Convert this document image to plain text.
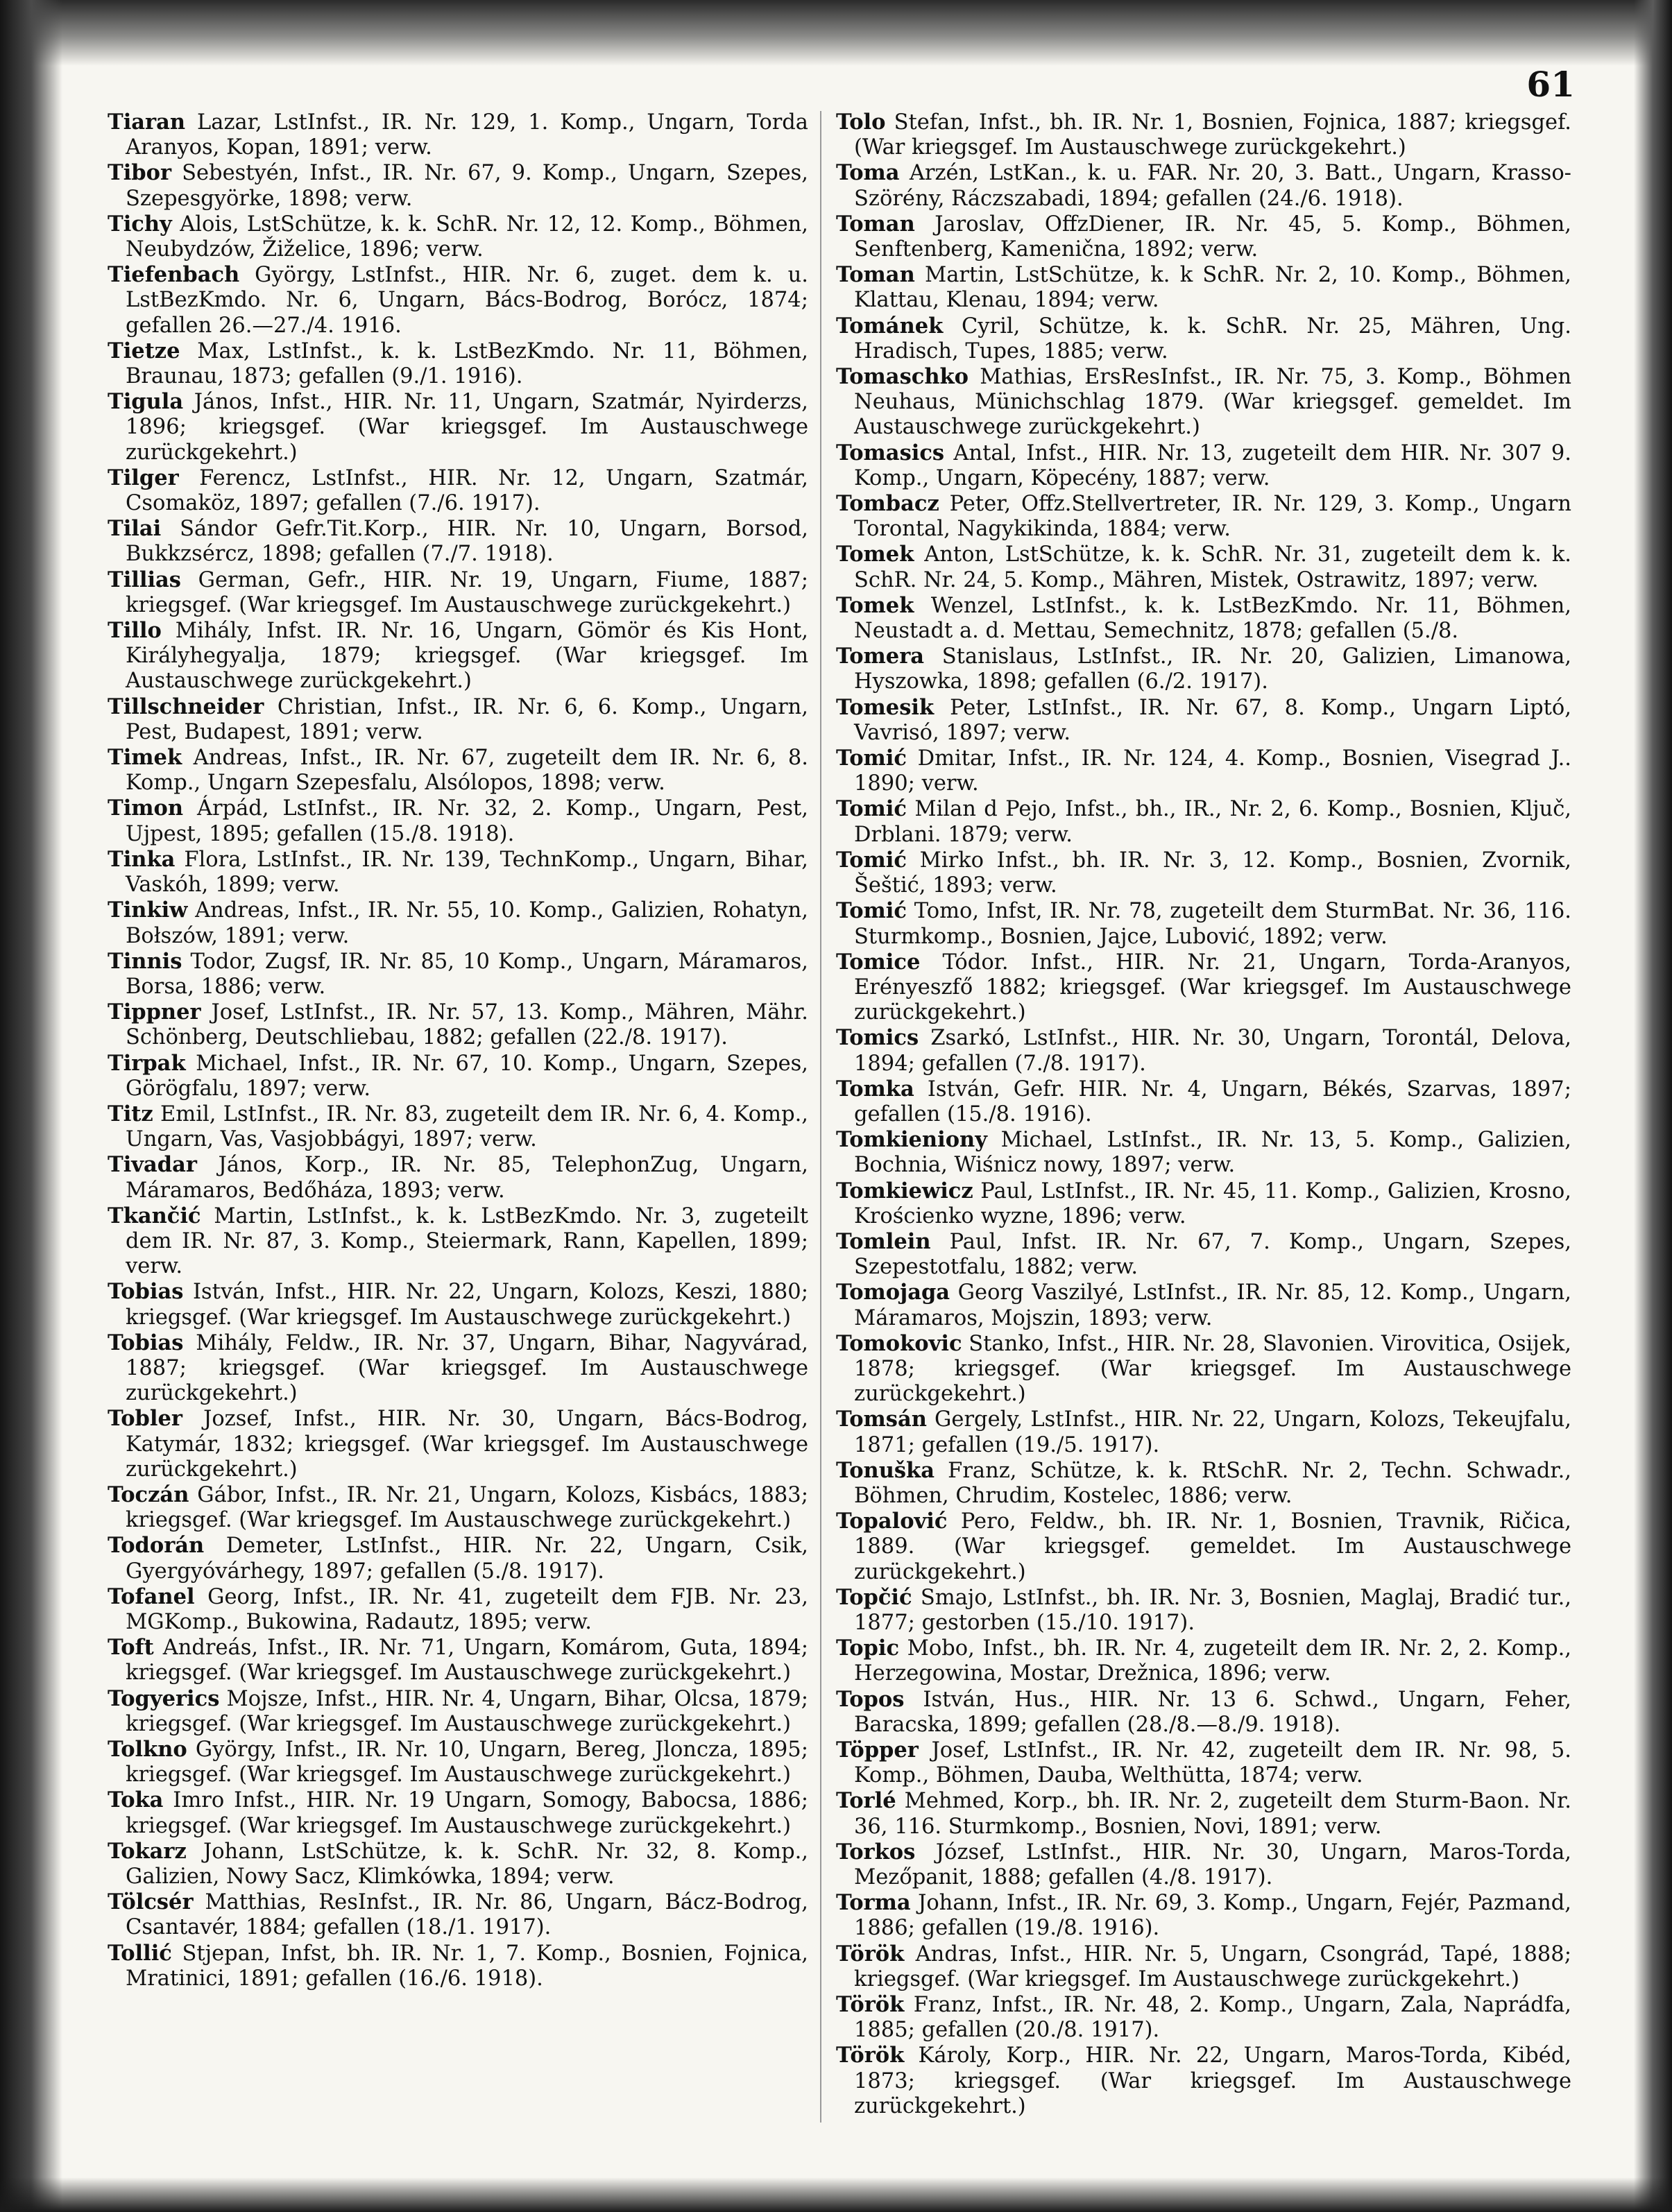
61

Tiaran Lazar, LstInfst., IR. Nr. 129, 1. Komp., Ungarn, Torda Aranyos, Kopan, 1891; verw.

Tibor Sebestyén, Infst., IR. Nr. 67, 9. Komp., Ungarn, Szepes, Szepesgyörke, 1898; verw.

Tichy Alois, LstSchütze, k. k. SchR. Nr. 12, 12. Komp., Böhmen, Neubydzów, Žiželice, 1896; verw.

Tiefenbach György, LstInfst., HIR. Nr. 6, zuget. dem k. u. LstBezKmdo. Nr. 6, Ungarn, Bács-Bodrog, Borócz, 1874; gefallen 26.—27./4. 1916.

Tietze Max, LstInfst., k. k. LstBezKmdo. Nr. 11, Böhmen, Braunau, 1873; gefallen (9./1. 1916).

Tigula János, Infst., HIR. Nr. 11, Ungarn, Szatmár, Nyirderzs, 1896; kriegsgef. (War kriegsgef. Im Austauschwege zurückgekehrt.)

Tilger Ferencz, LstInfst., HIR. Nr. 12, Ungarn, Szatmár, Csomaköz, 1897; gefallen (7./6. 1917).

Tilai Sándor Gefr.Tit.Korp., HIR. Nr. 10, Ungarn, Borsod, Bukkzsércz, 1898; gefallen (7./7. 1918).

Tillias German, Gefr., HIR. Nr. 19, Ungarn, Fiume, 1887; kriegsgef. (War kriegsgef. Im Austauschwege zurückgekehrt.)

Tillo Mihály, Infst. IR. Nr. 16, Ungarn, Gömör és Kis Hont, Királyhegyalja, 1879; kriegsgef. (War kriegsgef. Im Austauschwege zurückgekehrt.)

Tillschneider Christian, Infst., IR. Nr. 6, 6. Komp., Ungarn, Pest, Budapest, 1891; verw.

Timek Andreas, Infst., IR. Nr. 67, zugeteilt dem IR. Nr. 6, 8. Komp., Ungarn Szepesfalu, Alsólopos, 1898; verw.

Timon Árpád, LstInfst., IR. Nr. 32, 2. Komp., Ungarn, Pest, Ujpest, 1895; gefallen (15./8. 1918).

Tinka Flora, LstInfst., IR. Nr. 139, TechnKomp., Ungarn, Bihar, Vaskóh, 1899; verw.

Tinkiw Andreas, Infst., IR. Nr. 55, 10. Komp., Galizien, Rohatyn, Bołszów, 1891; verw.

Tinnis Todor, Zugsf, IR. Nr. 85, 10 Komp., Ungarn, Máramaros, Borsa, 1886; verw.

Tippner Josef, LstInfst., IR. Nr. 57, 13. Komp., Mähren, Mähr. Schönberg, Deutschliebau, 1882; gefallen (22./8. 1917).

Tirpak Michael, Infst., IR. Nr. 67, 10. Komp., Ungarn, Szepes, Görögfalu, 1897; verw.

Titz Emil, LstInfst., IR. Nr. 83, zugeteilt dem IR. Nr. 6, 4. Komp., Ungarn, Vas, Vasjobbágyi, 1897; verw.

Tivadar János, Korp., IR. Nr. 85, TelephonZug, Ungarn, Máramaros, Bedőháza, 1893; verw.

Tkančić Martin, LstInfst., k. k. LstBezKmdo. Nr. 3, zugeteilt dem IR. Nr. 87, 3. Komp., Steiermark, Rann, Kapellen, 1899; verw.

Tobias István, Infst., HIR. Nr. 22, Ungarn, Kolozs, Keszi, 1880; kriegsgef. (War kriegsgef. Im Austauschwege zurückgekehrt.)

Tobias Mihály, Feldw., IR. Nr. 37, Ungarn, Bihar, Nagyvárad, 1887; kriegsgef. (War kriegsgef. Im Austauschwege zurückgekehrt.)

Tobler Jozsef, Infst., HIR. Nr. 30, Ungarn, Bács-Bodrog, Katymár, 1832; kriegsgef. (War kriegsgef. Im Austauschwege zurückgekehrt.)

Toczán Gábor, Infst., IR. Nr. 21, Ungarn, Kolozs, Kisbács, 1883; kriegsgef. (War kriegsgef. Im Austauschwege zurückgekehrt.)

Todorán Demeter, LstInfst., HIR. Nr. 22, Ungarn, Csik, Gyergyóvárhegy, 1897; gefallen (5./8. 1917).

Tofanel Georg, Infst., IR. Nr. 41, zugeteilt dem FJB. Nr. 23, MGKomp., Bukowina, Radautz, 1895; verw.

Toft Andreás, Infst., IR. Nr. 71, Ungarn, Komárom, Guta, 1894; kriegsgef. (War kriegsgef. Im Austauschwege zurückgekehrt.)

Togyerics Mojsze, Infst., HIR. Nr. 4, Ungarn, Bihar, Olcsa, 1879; kriegsgef. (War kriegsgef. Im Austauschwege zurückgekehrt.)

Tolkno György, Infst., IR. Nr. 10, Ungarn, Bereg, Jloncza, 1895; kriegsgef. (War kriegsgef. Im Austauschwege zurückgekehrt.)

Toka Imro Infst., HIR. Nr. 19 Ungarn, Somogy, Babocsa, 1886; kriegsgef. (War kriegsgef. Im Austauschwege zurückgekehrt.)

Tokarz Johann, LstSchütze, k. k. SchR. Nr. 32, 8. Komp., Galizien, Nowy Sacz, Klimkówka, 1894; verw.

Tölcsér Matthias, ResInfst., IR. Nr. 86, Ungarn, Bácz-Bodrog, Csantavér, 1884; gefallen (18./1. 1917).

Tollić Stjepan, Infst, bh. IR. Nr. 1, 7. Komp., Bosnien, Fojnica, Mratinici, 1891; gefallen (16./6. 1918).

Tolo Stefan, Infst., bh. IR. Nr. 1, Bosnien, Fojnica, 1887; kriegsgef. (War kriegsgef. Im Austauschwege zurückgekehrt.)

Toma Arzén, LstKan., k. u. FAR. Nr. 20, 3. Batt., Ungarn, Krasso-Szörény, Ráczszabadi, 1894; gefallen (24./6. 1918).

Toman Jaroslav, OffzDiener, IR. Nr. 45, 5. Komp., Böhmen, Senftenberg, Kamenična, 1892; verw.

Toman Martin, LstSchütze, k. k SchR. Nr. 2, 10. Komp., Böhmen, Klattau, Klenau, 1894; verw.

Tománek Cyril, Schütze, k. k. SchR. Nr. 25, Mähren, Ung. Hradisch, Tupes, 1885; verw.

Tomaschko Mathias, ErsResInfst., IR. Nr. 75, 3. Komp., Böhmen Neuhaus, Münichschlag 1879. (War kriegsgef. gemeldet. Im Austauschwege zurückgekehrt.)

Tomasics Antal, Infst., HIR. Nr. 13, zugeteilt dem HIR. Nr. 307 9. Komp., Ungarn, Köpecény, 1887; verw.

Tombacz Peter, Offz.Stellvertreter, IR. Nr. 129, 3. Komp., Ungarn Torontal, Nagykikinda, 1884; verw.

Tomek Anton, LstSchütze, k. k. SchR. Nr. 31, zugeteilt dem k. k. SchR. Nr. 24, 5. Komp., Mähren, Mistek, Ostrawitz, 1897; verw.

Tomek Wenzel, LstInfst., k. k. LstBezKmdo. Nr. 11, Böhmen, Neustadt a. d. Mettau, Semechnitz, 1878; gefallen (5./8.

Tomera Stanislaus, LstInfst., IR. Nr. 20, Galizien, Limanowa, Hyszowka, 1898; gefallen (6./2. 1917).

Tomesik Peter, LstInfst., IR. Nr. 67, 8. Komp., Ungarn Liptó, Vavrisó, 1897; verw.

Tomić Dmitar, Infst., IR. Nr. 124, 4. Komp., Bosnien, Visegrad J.. 1890; verw.

Tomić Milan d Pejo, Infst., bh., IR., Nr. 2, 6. Komp., Bosnien, Ključ, Drblani. 1879; verw.

Tomić Mirko Infst., bh. IR. Nr. 3, 12. Komp., Bosnien, Zvornik, Šeštić, 1893; verw.

Tomić Tomo, Infst, IR. Nr. 78, zugeteilt dem SturmBat. Nr. 36, 116. Sturmkomp., Bosnien, Jajce, Lubović, 1892; verw.

Tomice Tódor. Infst., HIR. Nr. 21, Ungarn, Torda-Aranyos, Erényeszfő 1882; kriegsgef. (War kriegsgef. Im Austauschwege zurückgekehrt.)

Tomics Zsarkó, LstInfst., HIR. Nr. 30, Ungarn, Torontál, Delova, 1894; gefallen (7./8. 1917).

Tomka István, Gefr. HIR. Nr. 4, Ungarn, Békés, Szarvas, 1897; gefallen (15./8. 1916).

Tomkieniony Michael, LstInfst., IR. Nr. 13, 5. Komp., Galizien, Bochnia, Wiśnicz nowy, 1897; verw.

Tomkiewicz Paul, LstInfst., IR. Nr. 45, 11. Komp., Galizien, Krosno, Krościenko wyzne, 1896; verw.

Tomlein Paul, Infst. IR. Nr. 67, 7. Komp., Ungarn, Szepes, Szepestotfalu, 1882; verw.

Tomojaga Georg Vaszilyé, LstInfst., IR. Nr. 85, 12. Komp., Ungarn, Máramaros, Mojszin, 1893; verw.

Tomokovic Stanko, Infst., HIR. Nr. 28, Slavonien. Virovitica, Osijek, 1878; kriegsgef. (War kriegsgef. Im Austauschwege zurückgekehrt.)

Tomsán Gergely, LstInfst., HIR. Nr. 22, Ungarn, Kolozs, Tekeujfalu, 1871; gefallen (19./5. 1917).

Tonuška Franz, Schütze, k. k. RtSchR. Nr. 2, Techn. Schwadr., Böhmen, Chrudim, Kostelec, 1886; verw.

Topalović Pero, Feldw., bh. IR. Nr. 1, Bosnien, Travnik, Ričica, 1889. (War kriegsgef. gemeldet. Im Austauschwege zurückgekehrt.)

Topčić Smajo, LstInfst., bh. IR. Nr. 3, Bosnien, Maglaj, Bradić tur., 1877; gestorben (15./10. 1917).

Topic Mobo, Infst., bh. IR. Nr. 4, zugeteilt dem IR. Nr. 2, 2. Komp., Herzegowina, Mostar, Drežnica, 1896; verw.

Topos István, Hus., HIR. Nr. 13 6. Schwd., Ungarn, Feher, Baracska, 1899; gefallen (28./8.—8./9. 1918).

Töpper Josef, LstInfst., IR. Nr. 42, zugeteilt dem IR. Nr. 98, 5. Komp., Böhmen, Dauba, Welthütta, 1874; verw.

Torlé Mehmed, Korp., bh. IR. Nr. 2, zugeteilt dem Sturm-Baon. Nr. 36, 116. Sturmkomp., Bosnien, Novi, 1891; verw.

Torkos József, LstInfst., HIR. Nr. 30, Ungarn, Maros-Torda, Mezőpanit, 1888; gefallen (4./8. 1917).

Torma Johann, Infst., IR. Nr. 69, 3. Komp., Ungarn, Fejér, Pazmand, 1886; gefallen (19./8. 1916).

Török Andras, Infst., HIR. Nr. 5, Ungarn, Csongrád, Tapé, 1888; kriegsgef. (War kriegsgef. Im Austauschwege zurückgekehrt.)

Török Franz, Infst., IR. Nr. 48, 2. Komp., Ungarn, Zala, Naprádfa, 1885; gefallen (20./8. 1917).

Török Károly, Korp., HIR. Nr. 22, Ungarn, Maros-Torda, Kibéd, 1873; kriegsgef. (War kriegsgef. Im Austauschwege zurückgekehrt.)
